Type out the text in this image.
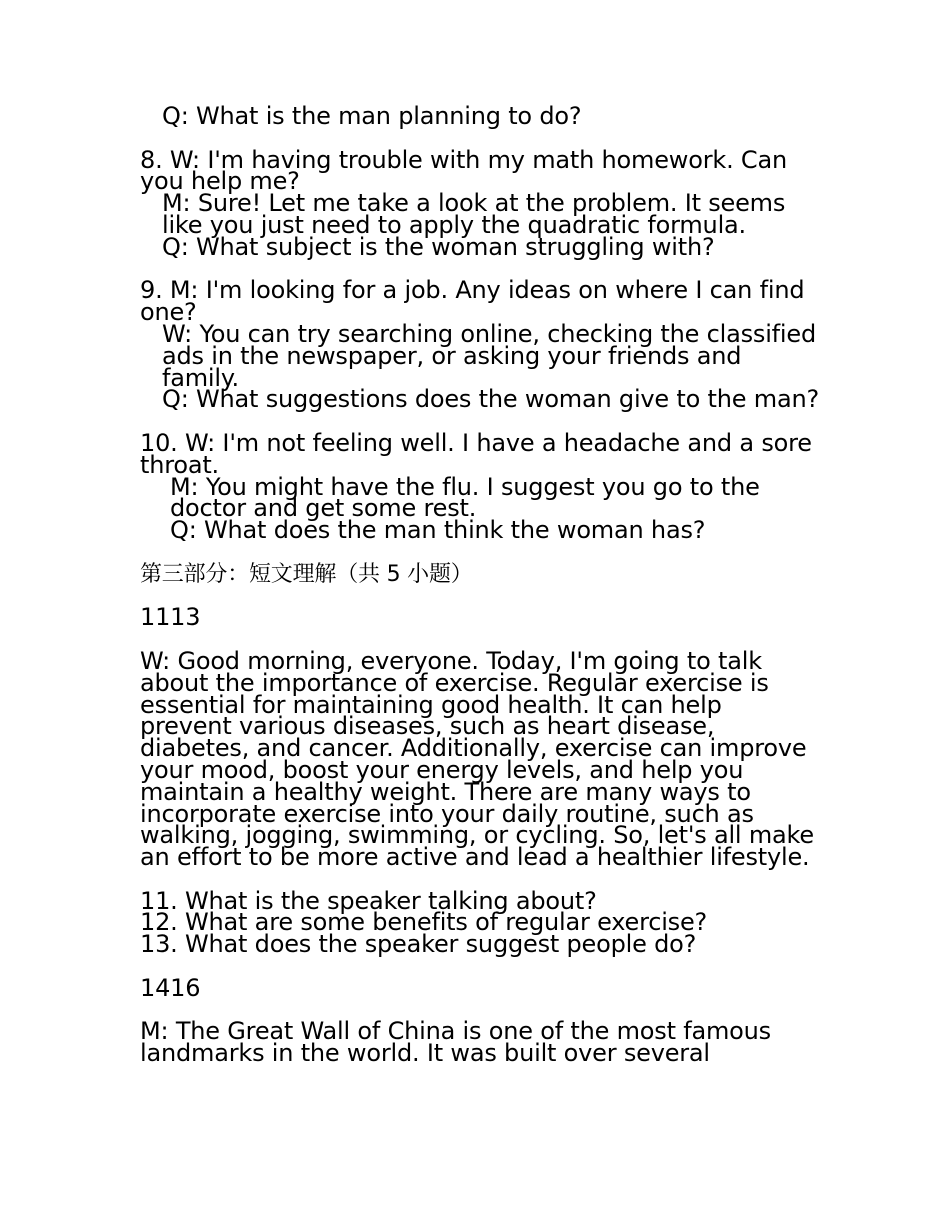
Q: What is the man planning to do?
8. W: I'm having trouble with my math homework. Can you help me?
M: Sure! Let me take a look at the problem. It seems like you just need to apply the quadratic formula.
Q: What subject is the woman struggling with?
9. M: I'm looking for a job. Any ideas on where I can find one?
W: You can try searching online, checking the classified ads in the newspaper, or asking your friends and family.
Q: What suggestions does the woman give to the man?
10. W: I'm not feeling well. I have a headache and a sore throat.
M: You might have the flu. I suggest you go to the doctor and get some rest.
Q: What does the man think the woman has?
第三部分：短文理解（共 5 小题）
1113
W: Good morning, everyone. Today, I'm going to talk about the importance of exercise. Regular exercise is essential for maintaining good health. It can help prevent various diseases, such as heart disease, diabetes, and cancer. Additionally, exercise can improve your mood, boost your energy levels, and help you maintain a healthy weight. There are many ways to incorporate exercise into your daily routine, such as walking, jogging, swimming, or cycling. So, let's all make an effort to be more active and lead a healthier lifestyle.
11. What is the speaker talking about?
12. What are some benefits of regular exercise?
13. What does the speaker suggest people do?
1416
M: The Great Wall of China is one of the most famous landmarks in the world. It was built over several
